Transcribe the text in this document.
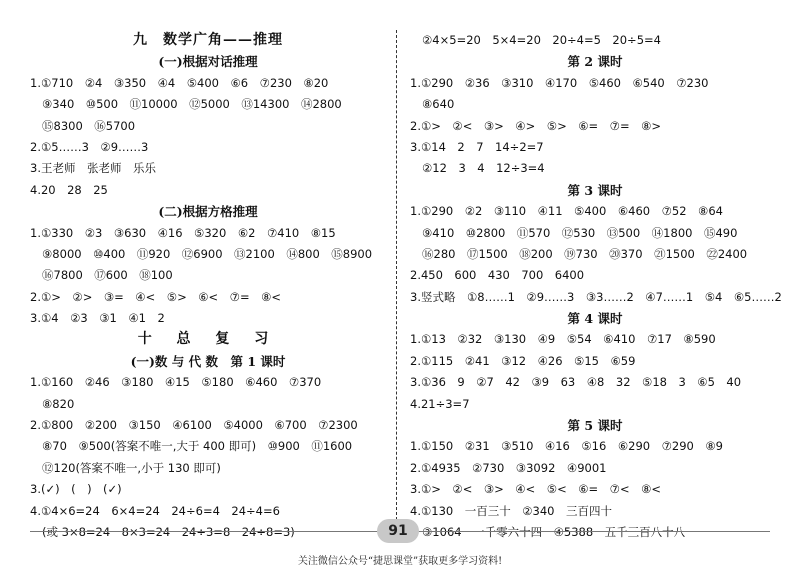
九　数学广角——推理
(一)根据对话推理
1.①710　②4　③350　④4　⑤400　⑥6　⑦230　⑧20
⑨340　⑩500　⑪10000　⑫5000　⑬14300　⑭2800
⑮8300　⑯5700
2.①5……3　②9……3
3.王老师　张老师　乐乐
4.20　28　25
(二)根据方格推理
1.①330　②3　③630　④16　⑤320　⑥2　⑦410　⑧15
⑨8000　⑩400　⑪920　⑫6900　⑬2100　⑭800　⑮8900
⑯7800　⑰600　⑱100
2.①>　②>　③=　④<　⑤>　⑥<　⑦=　⑧<
3.①4　②3　③1　④1　2
十 总 复 习
(一)数 与 代 数　第 1 课时
1.①160　②46　③180　④15　⑤180　⑥460　⑦370
⑧820
2.①800　②200　③150　④6100　⑤4000　⑥700　⑦2300
⑧70　⑨500(答案不唯一,大于 400 即可)　⑩900　⑪1600
⑫120(答案不唯一,小于 130 即可)
3.(✓)　(　)　(✓)
4.①4×6=24　6×4=24　24÷6=4　24÷4=6
(或 3×8=24　8×3=24　24÷3=8　24÷8=3)
②4×5=20　5×4=20　20÷4=5　20÷5=4
第 2 课时
1.①290　②36　③310　④170　⑤460　⑥540　⑦230
⑧640
2.①>　②<　③>　④>　⑤>　⑥=　⑦=　⑧>
3.①14　2　7　14÷2=7
②12　3　4　12÷3=4
第 3 课时
1.①290　②2　③110　④11　⑤400　⑥460　⑦52　⑧64
⑨410　⑩2800　⑪570　⑫530　⑬500　⑭1800　⑮490
⑯280　⑰1500　⑱200　⑲730　⑳370　㉑1500　㉒2400
2.450　600　430　700　6400
3.竖式略　①8……1　②9……3　③3……2　④7……1　⑤4　⑥5……2
第 4 课时
1.①13　②32　③130　④9　⑤54　⑥410　⑦17　⑧590
2.①115　②41　③12　④26　⑤15　⑥59
3.①36　9　②7　42　③9　63　④8　32　⑤18　3　⑥5　40
4.21÷3=7
第 5 课时
1.①150　②31　③510　④16　⑤16　⑥290　⑦290　⑧9
2.①4935　②730　③3092　④9001
3.①>　②<　③>　④<　⑤<　⑥=　⑦<　⑧<
4.①130　一百三十　②340　三百四十
③1064　一千零六十四　④5388　五千三百八十八
91
关注微信公众号“捷思课堂”获取更多学习资料!
